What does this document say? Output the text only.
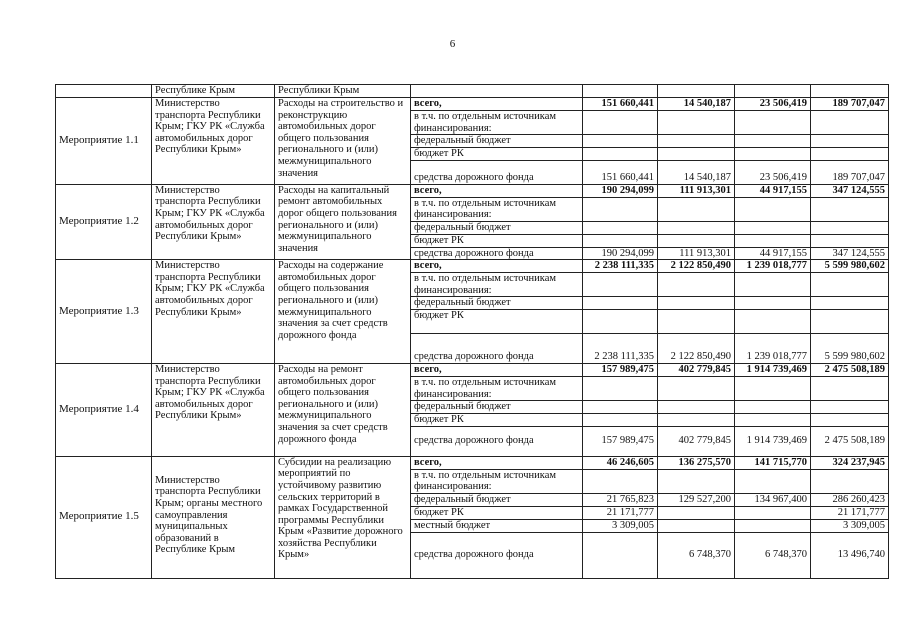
6
	Республике Крым	Республики Крым					
Мероприятие 1.1	Министерство транспорта Республики Крым; ГКУ РК «Служба автомобильных дорог Республики Крым»	Расходы на строительство и реконструкцию автомобильных дорог общего пользования регионального и (или) межмуниципального значения	всего,	151 660,441	14 540,187	23 506,419	189 707,047
			в т.ч. по отдельным источникам финансирования:				
			федеральный бюджет				
			бюджет РК				
			средства дорожного фонда	151 660,441	14 540,187	23 506,419	189 707,047
Мероприятие 1.2	Министерство транспорта Республики Крым; ГКУ РК «Служба автомобильных дорог Республики Крым»	Расходы на капитальный ремонт автомобильных дорог общего пользования регионального и (или) межмуниципального значения	всего,	190 294,099	111 913,301	44 917,155	347 124,555
			в т.ч. по отдельным источникам финансирования:				
			федеральный бюджет				
			бюджет РК				
			средства дорожного фонда	190 294,099	111 913,301	44 917,155	347 124,555
Мероприятие 1.3	Министерство транспорта Республики Крым; ГКУ РК «Служба автомобильных дорог Республики Крым»	Расходы на содержание автомобильных дорог общего пользования регионального и (или) межмуниципального значения за счет средств дорожного фонда	всего,	2 238 111,335	2 122 850,490	1 239 018,777	5 599 980,602
			в т.ч. по отдельным источникам финансирования:				
			федеральный бюджет				
			бюджет РК				
			средства дорожного фонда	2 238 111,335	2 122 850,490	1 239 018,777	5 599 980,602
Мероприятие 1.4	Министерство транспорта Республики Крым; ГКУ РК «Служба автомобильных дорог Республики Крым»	Расходы на ремонт автомобильных дорог общего пользования регионального и (или) межмуниципального значения за счет средств дорожного фонда	всего,	157 989,475	402 779,845	1 914 739,469	2 475 508,189
			в т.ч. по отдельным источникам финансирования:				
			федеральный бюджет				
			бюджет РК				
			средства дорожного фонда	157 989,475	402 779,845	1 914 739,469	2 475 508,189
Мероприятие 1.5	Министерство транспорта Республики Крым; органы местного самоуправления муниципальных образований в Республике Крым	Субсидии на реализацию мероприятий по устойчивому развитию сельских территорий в рамках Государственной программы Республики Крым «Развитие дорожного хозяйства Республики Крым»	всего,	46 246,605	136 275,570	141 715,770	324 237,945
			в т.ч. по отдельным источникам финансирования:				
			федеральный бюджет	21 765,823	129 527,200	134 967,400	286 260,423
			бюджет РК	21 171,777			21 171,777
			местный бюджет	3 309,005			3 309,005
			средства дорожного фонда		6 748,370	6 748,370	13 496,740
